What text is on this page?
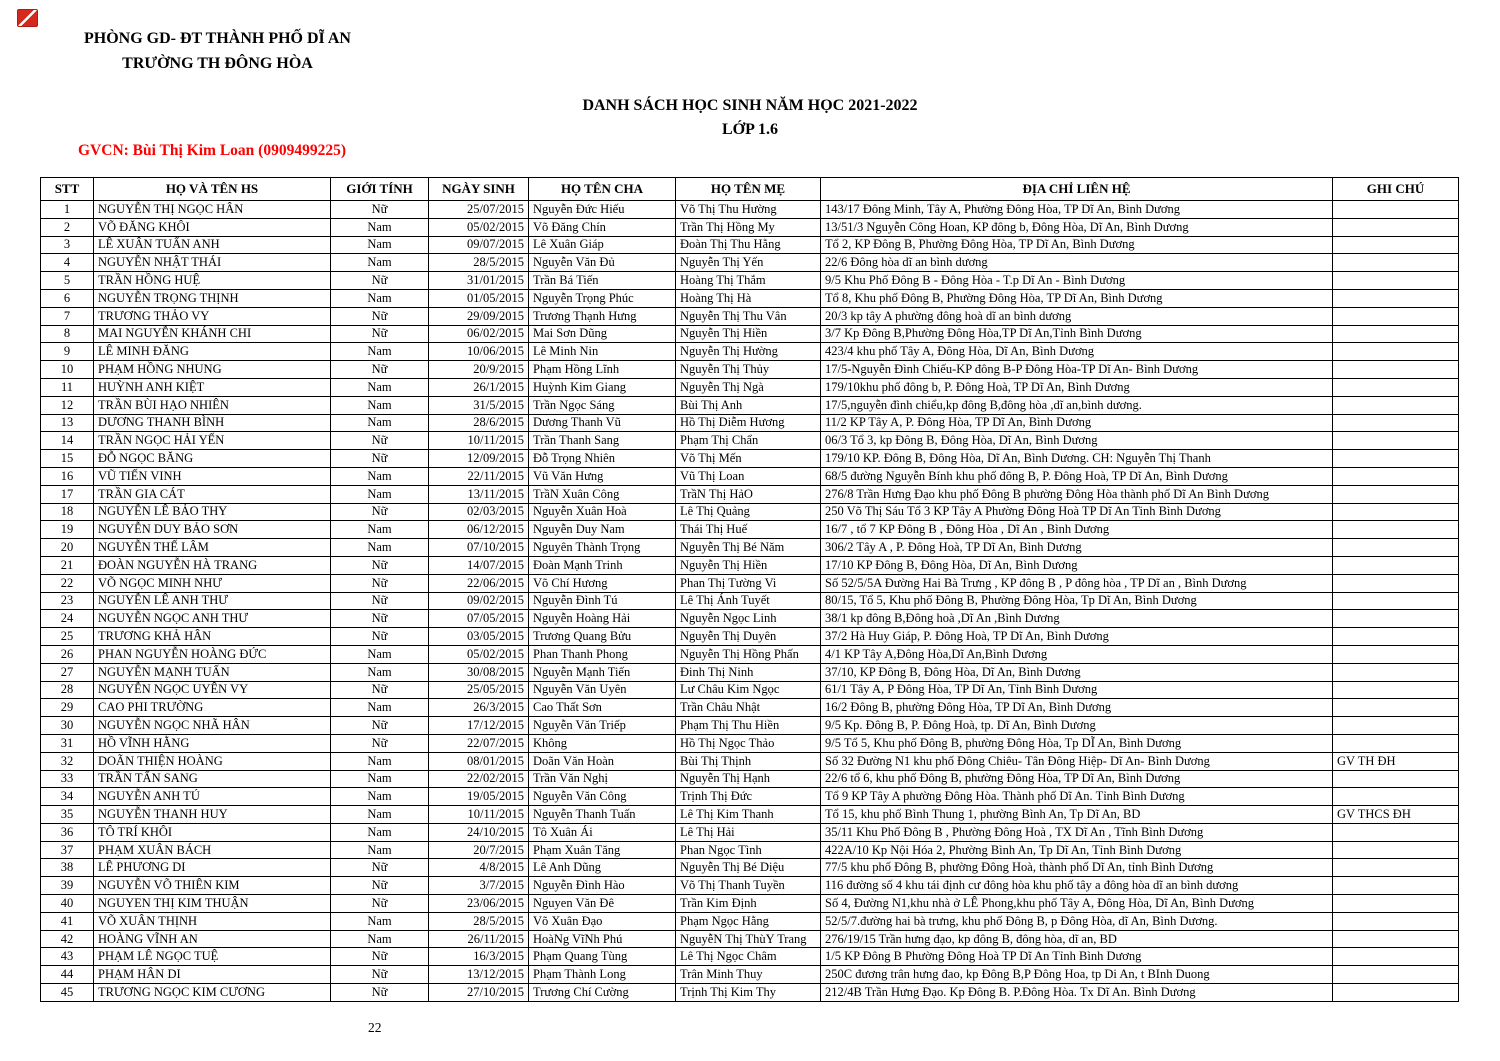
PHÒNG GD- ĐT THÀNH PHỐ DĨ AN
TRƯỜNG TH ĐÔNG HÒA
DANH SÁCH HỌC SINH NĂM HỌC 2021-2022
LỚP 1.6
GVCN: Bùi Thị Kim Loan (0909499225)
STT	HỌ VÀ TÊN HS	GIỚI TÍNH	NGÀY SINH	HỌ TÊN CHA	HỌ TÊN MẸ	ĐỊA CHỈ LIÊN HỆ	GHI CHÚ
1	NGUYỄN THỊ NGỌC HÂN	Nữ	25/07/2015	Nguyễn Đức Hiếu	Võ Thị Thu Hường	143/17 Đông Minh, Tây A, Phường Đông Hòa, TP Dĩ An, Bình Dương	
2	VÕ ĐĂNG KHÔI	Nam	05/02/2015	Võ Đăng Chín	Trần Thị Hồng My	13/51/3 Nguyễn Công Hoan, KP đông b, Đông Hòa, Dĩ An, Bình Dương	
3	LÊ XUÂN TUẤN ANH	Nam	09/07/2015	Lê Xuân Giáp	Đoàn Thị Thu Hằng	Tổ 2, KP Đông B, Phường Đông Hòa, TP Dĩ An, Bình Dương	
4	NGUYỄN NHẬT THÁI	Nam	28/5/2015	Nguyễn Văn Đủ	Nguyễn Thị Yến	22/6 Đông hòa dĩ an bình dương	
5	TRẦN HỒNG HUỆ	Nữ	31/01/2015	Trần Bá Tiến	Hoàng Thị Thắm	9/5 Khu Phố Đông B - Đông Hòa - T.p Dĩ An - Bình Dương	
6	NGUYỄN TRỌNG THỊNH	Nam	01/05/2015	Nguyễn Trọng Phúc	Hoàng Thị Hà	Tổ 8, Khu phố Đông B, Phường Đông Hòa, TP Dĩ An, Bình Dương	
7	TRƯƠNG THẢO VY	Nữ	29/09/2015	Trương Thạnh Hưng	Nguyễn Thị Thu Vân	20/3 kp tây A phường đông hoà dĩ an bình dương	
8	MAI NGUYỄN KHÁNH CHI	Nữ	06/02/2015	Mai Sơn Dũng	Nguyễn Thị Hiền	3/7 Kp Đông B,Phường Đông Hòa,TP Dĩ An,Tỉnh Bình Dương	
9	LÊ MINH ĐĂNG	Nam	10/06/2015	Lê Minh Nin	Nguyễn Thị Hường	423/4 khu phố Tây A, Đông Hòa, Dĩ An, Bình Dương	
10	PHẠM HỒNG NHUNG	Nữ	20/9/2015	Phạm Hồng Lĩnh	Nguyễn Thị Thủy	17/5-Nguyễn Đình Chiếu-KP đông B-P Đông Hòa-TP Dĩ An- Bình Dương	
11	HUỲNH ANH KIỆT	Nam	26/1/2015	Huỳnh Kim Giang	Nguyễn Thị Ngà	179/10khu phố đông b, P. Đông Hoà, TP Dĩ An, Bình Dương	
12	TRẦN BÙI HẠO NHIÊN	Nam	31/5/2015	Trần Ngọc Sáng	Bùi Thị Anh	17/5,nguyễn đình chiểu,kp đông B,đông hòa ,dĩ an,bình dương.	
13	DƯƠNG THANH BÌNH	Nam	28/6/2015	Dương Thanh Vũ	Hồ Thị Diễm Hương	11/2 KP Tây A, P. Đông Hòa, TP Dĩ An, Bình Dương	
14	TRẦN NGỌC HẢI YẾN	Nữ	10/11/2015	Trần Thanh Sang	Phạm Thị Chẩn	06/3 Tổ 3, kp Đông B, Đông Hòa, Dĩ An, Bình Dương	
15	ĐỖ NGỌC BĂNG	Nữ	12/09/2015	Đỗ Trọng Nhiên	Võ Thị Mến	179/10 KP. Đông B, Đông Hòa, Dĩ An, Bình Dương. CH: Nguyễn Thị Thanh	
16	VŨ TIẾN VINH	Nam	22/11/2015	Vũ Văn Hưng	Vũ Thị Loan	68/5 đường Nguyễn Bính khu phố đông B, P. Đông Hoà, TP Dĩ An, Bình Dương	
17	TRẦN GIA CÁT	Nam	13/11/2015	TrầN Xuân Công	TrầN Thị HảO	276/8 Trần Hưng Đạo khu phố Đông B phường Đông Hòa thành phố Dĩ An Bình Dương	
18	NGUYỄN LÊ BẢO THY	Nữ	02/03/2015	Nguyễn Xuân Hoà	Lê Thị Quảng	250 Võ Thị Sáu Tổ 3 KP Tây A Phường Đông Hoà TP Dĩ An Tinh Bình Dương	
19	NGUYỄN DUY BẢO SƠN	Nam	06/12/2015	Nguyễn Duy Nam	Thái Thị Huế	16/7 , tổ 7 KP Đông B , Đông Hòa , Dĩ An , Bình Dương	
20	NGUYỄN THẾ LÂM	Nam	07/10/2015	Nguyên Thành Trọng	Nguyễn Thị Bé Năm	306/2 Tây A , P. Đông Hoà, TP Dĩ An, Bình Dương	
21	ĐOÀN NGUYỄN HÀ TRANG	Nữ	14/07/2015	Đoàn Mạnh Trinh	Nguyễn Thị Hiền	17/10 KP Đông B, Đông Hòa, Dĩ An, Bình Dương	
22	VÕ NGỌC MINH NHƯ	Nữ	22/06/2015	Võ Chí Hương	Phan Thị Tường Vi	Số 52/5/5A Đường Hai Bà Trưng , KP đông B , P đông hòa , TP Dĩ an , Bình Dương	
23	NGUYỄN LÊ ANH THƯ	Nữ	09/02/2015	Nguyễn Đình Tú	Lê Thị Ánh Tuyết	80/15, Tổ 5, Khu phố Đông B, Phường Đông Hòa, Tp Dĩ An, Bình Dương	
24	NGUYỄN NGỌC ANH THƯ	Nữ	07/05/2015	Nguyễn Hoàng Hải	Nguyễn Ngọc Linh	38/1 kp đông B,Đông hoà ,Dĩ An ,Bình Dương	
25	TRƯƠNG KHẢ HÂN	Nữ	03/05/2015	Trương Quang Bửu	Nguyễn Thị Duyên	37/2 Hà Huy Giáp, P. Đông Hoà, TP Dĩ An, Bình Dương	
26	PHAN NGUYỄN HOÀNG ĐỨC	Nam	05/02/2015	Phan Thanh Phong	Nguyễn Thị Hồng Phấn	4/1 KP Tây A,Đông Hòa,Dĩ An,Bình Dương	
27	NGUYỄN MẠNH TUẤN	Nam	30/08/2015	Nguyễn Mạnh Tiến	Đinh Thị Ninh	37/10, KP Đông B, Đông Hòa, Dĩ An, Bình Dương	
28	NGUYỄN NGỌC UYÊN VY	Nữ	25/05/2015	Nguyễn Văn Uyên	Lư Châu Kim Ngọc	61/1 Tây A, P Đông Hòa, TP Dĩ An, Tỉnh Bình Dương	
29	CAO PHI TRƯỜNG	Nam	26/3/2015	Cao Thất Sơn	Trần Châu Nhật	16/2 Đông B, phường Đông Hòa, TP Dĩ An, Bình Dương	
30	NGUYỄN NGỌC NHÃ HÂN	Nữ	17/12/2015	Nguyễn Văn Triếp	Phạm Thị Thu Hiền	9/5 Kp. Đông B, P. Đông Hoà, tp. Dĩ An, Bình Dương	
31	HỒ VĨNH HẰNG	Nữ	22/07/2015	Không	Hồ Thị Ngọc Thảo	9/5 Tổ 5, Khu phố Đông B, phường Đông Hòa, Tp DĨ An, Bình Dương	
32	DOÃN THIỆN HOÀNG	Nam	08/01/2015	Doãn Văn Hoàn	Bùi Thị Thịnh	Số 32 Đường N1 khu phố Đông Chiêu- Tân Đông Hiệp- Dĩ An- Bình Dương	GV TH ĐH
33	TRẦN TẤN SANG	Nam	22/02/2015	Trần Văn Nghị	Nguyễn Thị Hạnh	22/6 tổ 6, khu phố Đông B, phường Đông Hòa, TP Dĩ An, Bình Dương	
34	NGUYỄN ANH TÚ	Nam	19/05/2015	Nguyễn Văn Công	Trịnh Thị Đức	Tổ 9 KP Tây A phường Đông Hòa. Thành phố Dĩ An. Tỉnh Bình Dương	
35	NGUYỄN THANH HUY	Nam	10/11/2015	Nguyễn Thanh Tuấn	Lê Thị Kim Thanh	Tổ 15, khu phố Bình Thung 1, phường Bình An, Tp Dĩ An, BD	GV THCS ĐH
36	TÔ TRÍ KHÔI	Nam	24/10/2015	Tô Xuân Ái	Lê Thị Hải	35/11 Khu Phố Đông B , Phường Đông Hoà , TX Dĩ An , Tĩnh Bình Dương	
37	PHẠM XUÂN BÁCH	Nam	20/7/2015	Phạm Xuân Tăng	Phan Ngọc Tình	422A/10 Kp Nội Hóa 2, Phường Bình An, Tp Dĩ An, Tỉnh Bình Dương	
38	LÊ PHƯƠNG DI	Nữ	4/8/2015	Lê Anh Dũng	Nguyễn Thị Bé Diệu	77/5 khu phố Đông B, phường Đông Hoà, thành phố Dĩ An, tỉnh Bình Dương	
39	NGUYỄN VÕ THIÊN KIM	Nữ	3/7/2015	Nguyễn Đình Hào	Võ Thị Thanh Tuyền	116 đường số 4 khu tái định cư đông hòa khu phố tây a đông hòa dĩ an bình dương	
40	NGUYEN THỊ KIM THUẬN	Nữ	23/06/2015	Nguyen Văn Đê	Trần Kim Định	Số 4, Đường N1,khu nhà ở LÊ Phong,khu phố Tây A, Đông Hòa, Dĩ An, Bình Dương	
41	VÕ XUÂN THỊNH	Nam	28/5/2015	Võ Xuân Đạo	Phạm Ngọc Hằng	52/5/7.đường hai bà trưng, khu phố Đông B, p Đông Hòa, dĩ An, Bình Dương.	
42	HOÀNG VĨNH AN	Nam	26/11/2015	HoàNg VĩNh Phú	NguyễN Thị ThùY Trang	276/19/15 Trần hưng đạo, kp đông B, đông hòa, dĩ an, BD	
43	PHẠM LÊ NGỌC TUỆ	Nữ	16/3/2015	Phạm Quang Tùng	Lê Thị Ngọc Châm	1/5 KP Đông B Phường Đông Hoà TP Dĩ An Tỉnh Bình Dương	
44	PHẠM HÂN DI	Nữ	13/12/2015	Phạm Thành Long	Trân Minh Thuy	250C đương trân hưng đao, kp Đông B,P Đông Hoa, tp Di An, t BInh Duong	
45	TRƯƠNG NGỌC KIM CƯƠNG	Nữ	27/10/2015	Trương Chí Cường	Trịnh Thị Kim Thy	212/4B Trần Hưng Đạo. Kp Đông B. P.Đông Hòa. Tx Dĩ An. Bình Dương	
22
